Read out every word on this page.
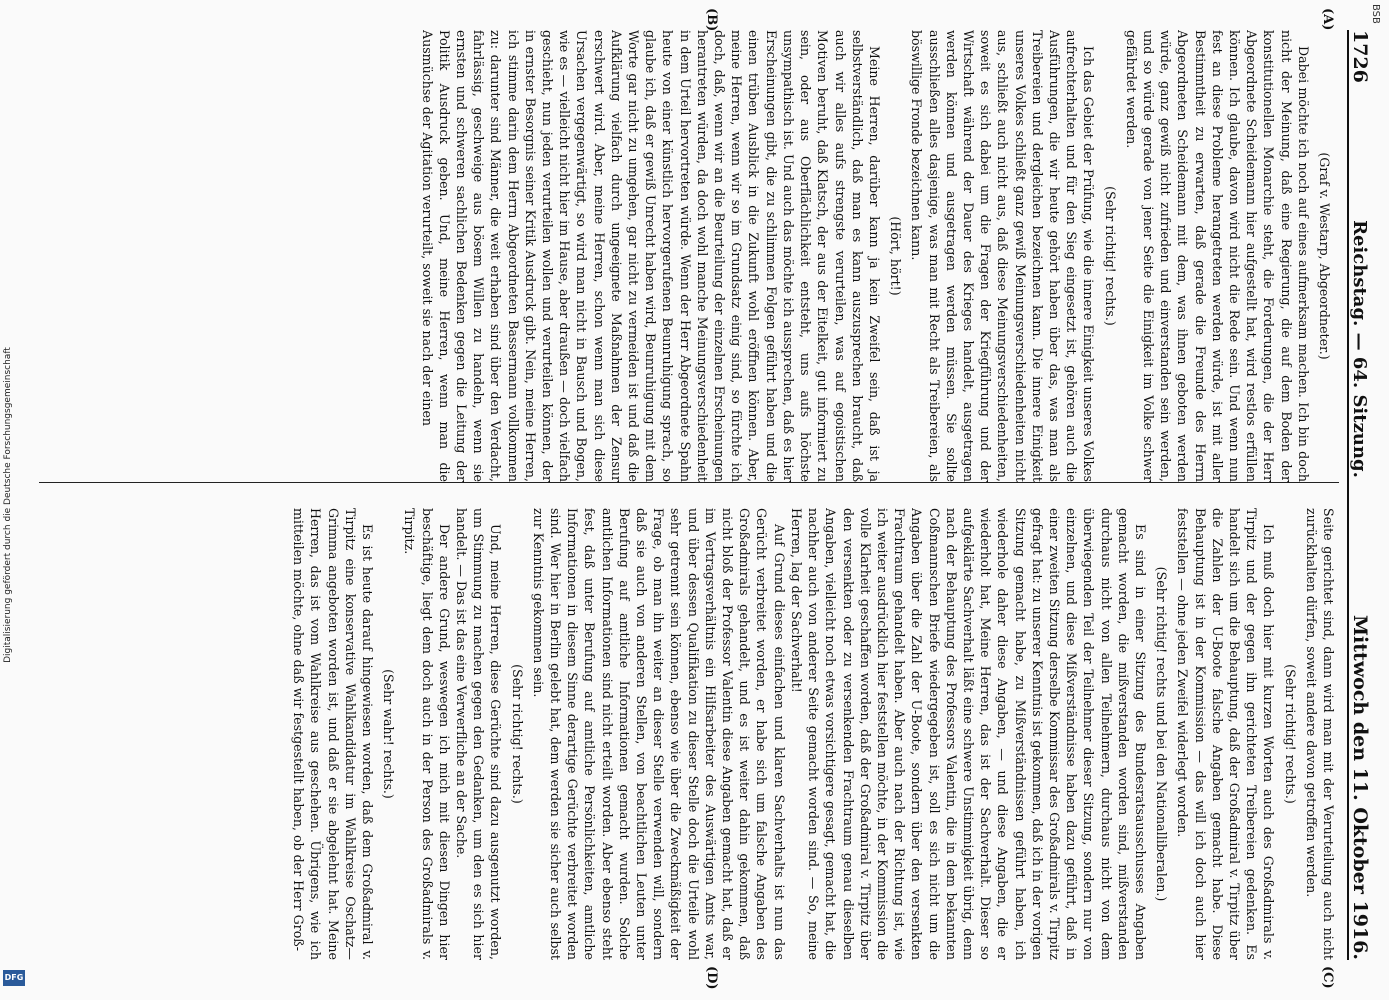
1726
Reichstag. — 64. Sitzung.
Mittwoch den 11. Oktober 1916.
(A)
(B)
(C)
(D)

(Graf v. Westarp, Abgeordneter.)

Dabei möchte ich noch auf eines aufmerksam machen. Ich bin doch nicht der Meinung, daß eine Regierung, die auf dem Boden der konstitutionellen Monarchie steht, die Forderungen, die der Herr Abgeordnete Scheidemann hier aufgestellt hat, wird restlos erfüllen können. Ich glaube, davon wird nicht die Rede sein. Und wenn nun fest an diese Probleme herangetreten werden würde, ist mit aller Bestimmtheit zu erwarten, daß gerade die Freunde des Herrn Abgeordneten Scheidemann mit dem, was ihnen geboten werden würde, ganz gewiß nicht zufrieden und einverstanden sein werden, und so würde gerade von jener Seite die Einigkeit im Volke schwer gefährdet werden.

(Sehr richtig! rechts.)

Ich das Gebiet der Prüfung, wie die innere Einigkeit unseres Volkes aufrechterhalten und für den Sieg eingesetzt ist, gehören auch die Ausführungen, die wir heute gehört haben über das, was man als Treibereien und dergleichen bezeichnen kann. Die innere Einigkeit unseres Volkes schließt ganz gewiß Meinungsverschiedenheiten nicht aus, schließt auch nicht aus, daß diese Meinungsverschiedenheiten, soweit es sich dabei um die Fragen der Kriegführung und der Wirtschaft während der Dauer des Krieges handelt, ausgetragen werden können und ausgetragen werden müssen. Sie sollte ausschließen alles dasjenige, was man mit Recht als Treibereien, als böswillige Fronde bezeichnen kann.

(Hört, hört!)

Meine Herren, darüber kann ja kein Zweifel sein, daß ist ja selbstverständlich, daß man es kann auszusprechen braucht, daß auch wir alles aufs strengste verurteilen, was auf egoistischen Motiven beruht, daß Klatsch, der aus der Eitelkeit, gut informiert zu sein, oder aus Oberflächlichkeit entsteht, uns aufs höchste unsympathisch ist. Und auch das möchte ich aussprechen, daß es hier Erscheinungen gibt, die zu schlimmen Folgen geführt haben und die einen trüben Ausblick in die Zukunft wohl eröffnen können. Aber, meine Herren, wenn wir so im Grundsatz einig sind, so fürchte ich doch, daß, wenn wir an die Beurteilung der einzelnen Erscheinungen herantreten würden, da doch wohl manche Meinungsverschiedenheit in dem Urteil hervortreten würde. Wenn der Herr Abgeordnete Spahn heute von einer künstlich hervorgerufenen Beunruhigung sprach, so glaube ich, daß er gewiß Unrecht haben wird, Beunruhigung mit dem Worte gar nicht zu umgehen, gar nicht zu vermeiden ist und daß die Aufklärung vielfach durch ungeeignete Maßnahmen der Zensur erschwert wird. Aber, meine Herren, schon wenn man sich diese Ursachen vergegenwärtigt, so wird man nicht in Bausch und Bogen, wie es — vielleicht nicht hier im Hause, aber draußen — doch vielfach geschieht, nun jeden verurteilen wollen und verurteilen können, der in ernster Besorgnis seiner Kritik Ausdruck gibt. Nein, meine Herren, ich stimme darin dem Herrn Abgeordneten Bassermann vollkommen zu: darunter sind Männer, die weit erhaben sind über den Verdacht, fahrlässig, geschweige aus bösem Willen zu handeln, wenn sie ernsten und schweren sachlichen Bedenken gegen die Leitung der Politik Ausdruck geben. Und, meine Herren, wenn man die Ausmüchse der Agitation verurteilt, soweit sie nach der einen

Seite gerichtet sind, dann wird man mit der Verurteilung auch nicht zurückhalten dürfen, soweit andere davon getroffen werden.

(Sehr richtig! rechts.)

Ich muß doch hier mit kurzen Worten auch des Großadmirals v. Tirpitz und der gegen ihn gerichteten Treibereien gedenken. Es handelt sich um die Behauptung, daß der Großadmiral v. Tirpitz über die Zahlen der U-Boote falsche Angaben gemacht habe. Diese Behauptung ist in der Kommission — das will ich doch auch hier feststellen — ohne jeden Zweifel widerlegt worden.

(Sehr richtig! rechts und bei den Nationalliberalen.)

Es sind in einer Sitzung des Bundesratsausschusses Angaben gemacht worden, die mißverstanden worden sind, mißverstanden durchaus nicht von allen Teilnehmern, durchaus nicht von dem überwiegenden Teil der Teilnehmer dieser Sitzung, sondern nur von einzelnen, und diese Mißverständnisse haben dazu geführt, daß in einer zweiten Sitzung derselbe Kommissar des Großadmirals v. Tirpitz gefragt hat: zu unserer Kenntnis ist gekommen, daß ich in der vorigen Sitzung gemacht habe, zu Mißverständnissen geführt haben, ich wiederhole daher diese Angaben, — und diese Angaben, die er wiederholt hat, Meine Herren, das ist der Sachverhalt. Dieser so aufgeklärte Sachverhalt läßt eine schwere Unstimmigkeit übrig, denn nach der Behauptung des Professors Valentin, die in dem bekannten Coßmannschen Briefe wiedergegeben ist, soll es sich nicht um die Angaben über die Zahl der U-Boote, sondern über den versenkten Frachtraum gehandelt haben. Aber auch nach der Richtung ist, wie ich weiter ausdrücklich hier feststellen möchte, in der Kommission die volle Klarheit geschaffen worden, daß der Großadmiral v. Tirpitz über den versenkten oder zu versenkenden Frachtraum genau dieselben Angaben, vielleicht noch etwas vorsichtigere gesagt, gemacht hat, die nachher auch von anderer Seite gemacht worden sind. — So, meine Herren, lag der Sachverhalt!

Auf Grund dieses einfachen und klaren Sachverhalts ist nun das Gerücht verbreitet worden, er habe sich um falsche Angaben des Großadmirals gehandelt, und es ist weiter dahin gekommen, daß nicht bloß der Professor Valentin diese Angaben gemacht hat, daß er im Vertragsverhältnis ein Hilfsarbeiter des Auswärtigen Amts war, und über dessen Qualifikation zu dieser Stelle doch die Urteile wohl sehr getrennt sein können, ebenso wie über die Zweckmäßigkeit der Frage, ob man ihn weiter an dieser Stelle verwenden will, sondern daß sie auch von anderen Stellen, von beachtlichen Leuten unter Berufung auf amtliche Informationen gemacht wurden. Solche amtlichen Informationen sind nicht erteilt worden. Aber ebenso steht fest, daß unter Berufung auf amtliche Persönlichkeiten, amtliche Informationen in diesem Sinne derartige Gerüchte verbreitet worden sind. Wer hier in Berlin gelebt hat, dem werden sie sicher auch selbst zur Kenntnis gekommen sein.

(Sehr richtig! rechts.)

Und, meine Herren, diese Gerüchte sind dazu ausgenutzt worden, um Stimmung zu machen gegen den Gedanken, um den es sich hier handelt. — Das ist das eine Verwerfliche an der Sache.

Der andere Grund, weswegen ich mich mit diesen Dingen hier beschäftige, liegt dem doch auch in der Person des Großadmirals v. Tirpitz.

(Sehr wahr! rechts.)

Es ist heute darauf hingewiesen worden, daß dem Großadmiral v. Tirpitz eine konservative Wahlkandidatur im Wahlkreise Oschatz—Grimma angeboten worden ist, und daß er sie abgelehnt hat. Meine Herren, das ist vom Wahlkreise aus geschehen. Übrigens, wie ich mitteilen möchte, ohne daß wir festgestellt haben, ob der Herr Groß-

Digitalisierung gefördert durch die Deutsche Forschungsgemeinschaft
BSB
DFG
